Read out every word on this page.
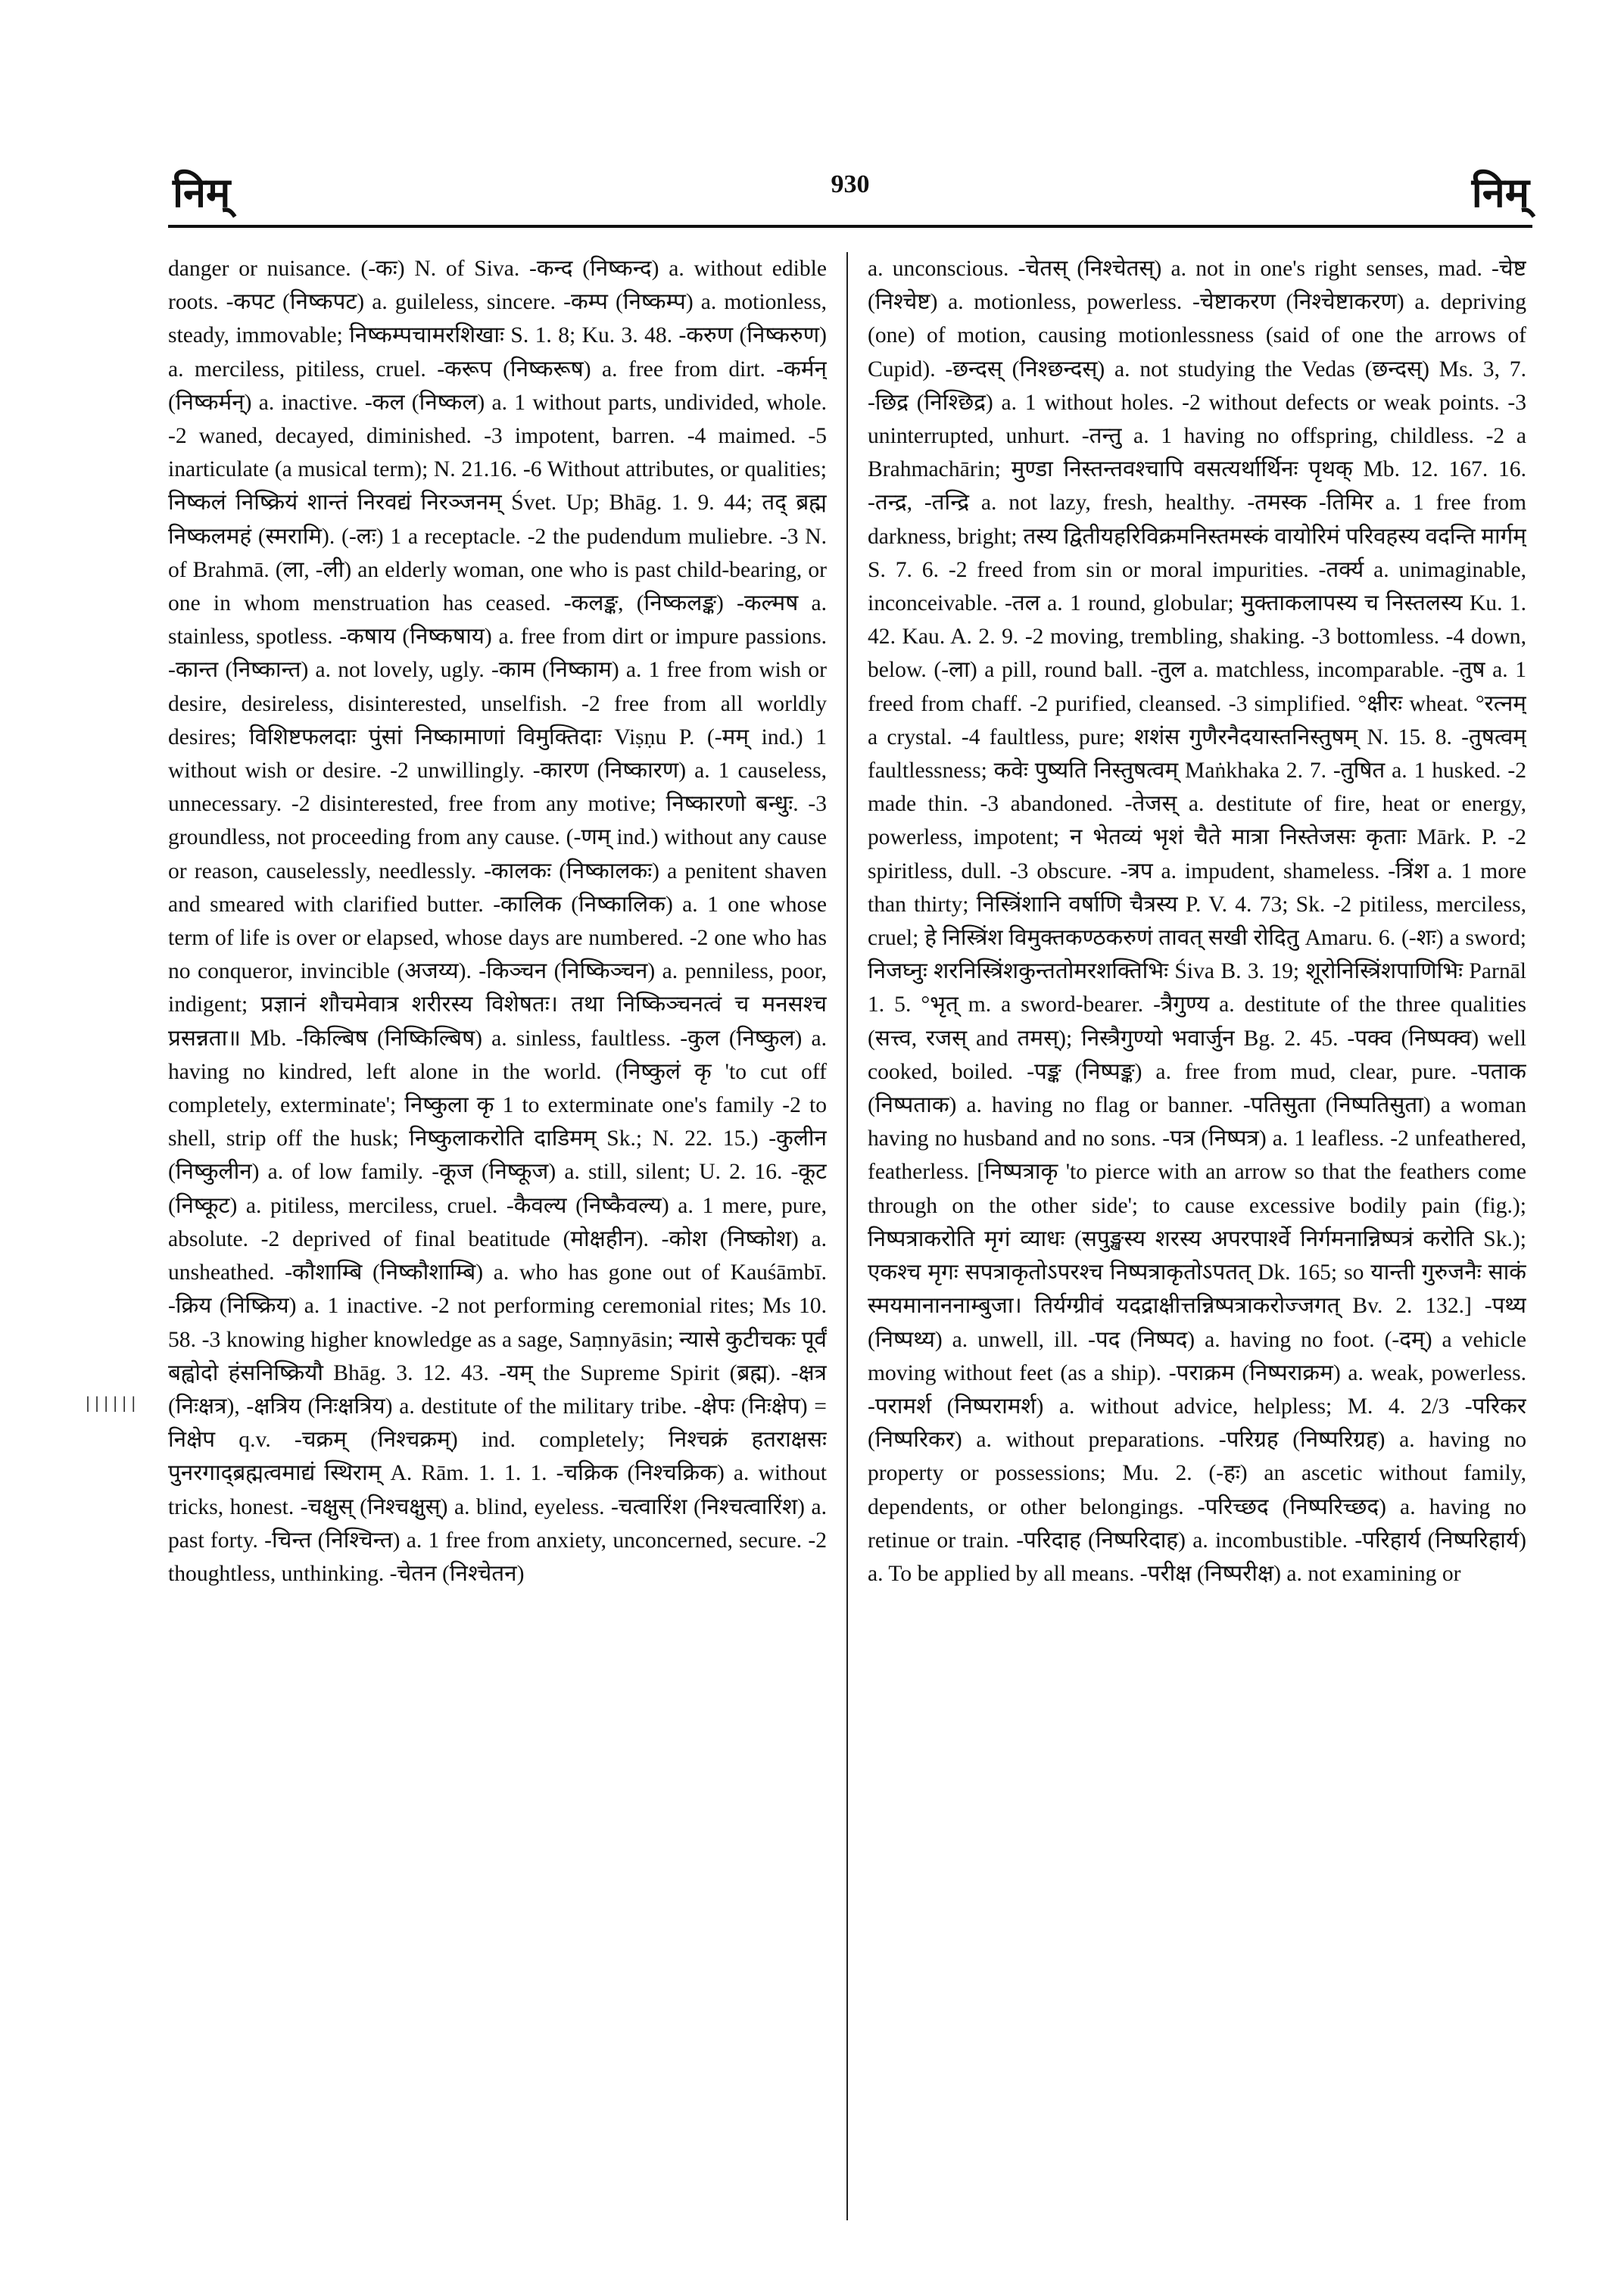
निम्	930	निम्

danger or nuisance. (-कः) N. of Siva. -कन्द (निष्कन्द) a. without edible roots. -कपट (निष्कपट) a. guileless, sincere. -कम्प (निष्कम्प) a. motionless, steady, immovable; निष्कम्पचामरशिखाः S. 1. 8; Ku. 3. 48. -करुण (निष्करुण) a. merciless, pitiless, cruel. -करूप (निष्करूष) a. free from dirt. -कर्मन् (निष्कर्मन्) a. inactive. -कल (निष्कल) a. 1 without parts, undivided, whole. -2 waned, decayed, diminished. -3 impotent, barren. -4 maimed. -5 inarticulate (a musical term); N. 21.16. -6 Without attributes, or qualities; निष्कलं निष्क्रियं शान्तं निरवद्यं निरञ्जनम् Śvet. Up; Bhāg. 1. 9. 44; तद् ब्रह्म निष्कलमहं (स्मरामि). (-लः) 1 a receptacle. -2 the pudendum muliebre. -3 N. of Brahmā. (ला, -ली) an elderly woman, one who is past child-bearing, or one in whom menstruation has ceased. -कलङ्क, (निष्कलङ्क) -कल्मष a. stainless, spotless. -कषाय (निष्कषाय) a. free from dirt or impure passions. -कान्त (निष्कान्त) a. not lovely, ugly. -काम (निष्काम) a. 1 free from wish or desire, desireless, disinterested, unselfish. -2 free from all worldly desires; विशिष्टफलदाः पुंसां निष्कामाणां विमुक्तिदाः Viṣṇu P. (-मम् ind.) 1 without wish or desire. -2 unwillingly. -कारण (निष्कारण) a. 1 causeless, unnecessary. -2 disinterested, free from any motive; निष्कारणो बन्धुः. -3 groundless, not proceeding from any cause. (-णम् ind.) without any cause or reason, causelessly, needlessly. -कालकः (निष्कालकः) a penitent shaven and smeared with clarified butter. -कालिक (निष्कालिक) a. 1 one whose term of life is over or elapsed, whose days are numbered. -2 one who has no conqueror, invincible (अजय्य). -किञ्चन (निष्किञ्चन) a. penniless, poor, indigent; प्रज्ञानं शौचमेवात्र शरीरस्य विशेषतः। तथा निष्किञ्चनत्वं च मनसश्च प्रसन्नता॥ Mb. -किल्बिष (निष्किल्बिष) a. sinless, faultless. -कुल (निष्कुल) a. having no kindred, left alone in the world. (निष्कुलं कृ 'to cut off completely, exterminate'; निष्कुला कृ 1 to exterminate one's family -2 to shell, strip off the husk; निष्कुलाकरोति दाडिमम् Sk.; N. 22. 15.) -कुलीन (निष्कुलीन) a. of low family. -कूज (निष्कूज) a. still, silent; U. 2. 16. -कूट (निष्कूट) a. pitiless, merciless, cruel. -कैवल्य (निष्कैवल्य) a. 1 mere, pure, absolute. -2 deprived of final beatitude (मोक्षहीन). -कोश (निष्कोश) a. unsheathed. -कौशाम्बि (निष्कौशाम्बि) a. who has gone out of Kauśāmbī. -क्रिय (निष्क्रिय) a. 1 inactive. -2 not performing ceremonial rites; Ms 10. 58. -3 knowing higher knowledge as a sage, Saṃnyāsin; न्यासे कुटीचकः पूर्वं बह्वोदो हंसनिष्क्रियौ Bhāg. 3. 12. 43. -यम् the Supreme Spirit (ब्रह्म). -क्षत्र (निःक्षत्र), -क्षत्रिय (निःक्षत्रिय) a. destitute of the military tribe. -क्षेपः (निःक्षेप) = निक्षेप q.v. -चक्रम् (निश्चक्रम्) ind. completely; निश्चक्रं हतराक्षसः पुनरगाद्ब्रह्मत्वमाद्यं स्थिराम् A. Rām. 1. 1. 1. -चक्रिक (निश्चक्रिक) a. without tricks, honest. -चक्षुस् (निश्चक्षुस्) a. blind, eyeless. -चत्वारिंश (निश्चत्वारिंश) a. past forty. -चिन्त (निश्चिन्त) a. 1 free from anxiety, unconcerned, secure. -2 thoughtless, unthinking. -चेतन (निश्चेतन)

a. unconscious. -चेतस् (निश्चेतस्) a. not in one's right senses, mad. -चेष्ट (निश्चेष्ट) a. motionless, powerless. -चेष्टाकरण (निश्चेष्टाकरण) a. depriving (one) of motion, causing motionlessness (said of one the arrows of Cupid). -छन्दस् (निश्छन्दस्) a. not studying the Vedas (छन्दस्) Ms. 3, 7. -छिद्र (निश्छिद्र) a. 1 without holes. -2 without defects or weak points. -3 uninterrupted, unhurt. -तन्तु a. 1 having no offspring, childless. -2 a Brahmachārin; मुण्डा निस्तन्तवश्चापि वसत्यर्थार्थिनः पृथक् Mb. 12. 167. 16. -तन्द्र, -तन्द्रि a. not lazy, fresh, healthy. -तमस्क -तिमिर a. 1 free from darkness, bright; तस्य द्वितीयहरिविक्रमनिस्तमस्कं वायोरिमं परिवहस्य वदन्ति मार्गम् S. 7. 6. -2 freed from sin or moral impurities. -तर्क्य a. unimaginable, inconceivable. -तल a. 1 round, globular; मुक्ताकलापस्य च निस्तलस्य Ku. 1. 42. Kau. A. 2. 9. -2 moving, trembling, shaking. -3 bottomless. -4 down, below. (-ला) a pill, round ball. -तुल a. matchless, incomparable. -तुष a. 1 freed from chaff. -2 purified, cleansed. -3 simplified. °क्षीरः wheat. °रत्नम् a crystal. -4 faultless, pure; शशंस गुणैरनैदयास्तनिस्तुषम् N. 15. 8. -तुषत्वम् faultlessness; कवेः पुष्यति निस्तुषत्वम् Maṅkhaka 2. 7. -तुषित a. 1 husked. -2 made thin. -3 abandoned. -तेजस् a. destitute of fire, heat or energy, powerless, impotent; न भेतव्यं भृशं चैते मात्रा निस्तेजसः कृताः Mārk. P. -2 spiritless, dull. -3 obscure. -त्रप a. impudent, shameless. -त्रिंश a. 1 more than thirty; निस्त्रिंशानि वर्षाणि चैत्रस्य P. V. 4. 73; Sk. -2 pitiless, merciless, cruel; हे निस्त्रिंश विमुक्तकण्ठकरुणं तावत् सखी रोदितु Amaru. 6. (-शः) a sword; निजघ्नुः शरनिस्त्रिंशकुन्ततोमरशक्तिभिः Śiva B. 3. 19; शूरोनिस्त्रिंशपाणिभिः Parnāl 1. 5. °भृत् m. a sword-bearer. -त्रैगुण्य a. destitute of the three qualities (सत्त्व, रजस् and तमस्); निस्त्रैगुण्यो भवार्जुन Bg. 2. 45. -पक्व (निष्पक्व) well cooked, boiled. -पङ्क (निष्पङ्क) a. free from mud, clear, pure. -पताक (निष्पताक) a. having no flag or banner. -पतिसुता (निष्पतिसुता) a woman having no husband and no sons. -पत्र (निष्पत्र) a. 1 leafless. -2 unfeathered, featherless. [निष्पत्राकृ 'to pierce with an arrow so that the feathers come through on the other side'; to cause excessive bodily pain (fig.); निष्पत्राकरोति मृगं व्याधः (सपुङ्खस्य शरस्य अपरपार्श्वे निर्गमनान्निष्पत्रं करोति Sk.); एकश्च मृगः सपत्राकृतोऽपरश्च निष्पत्राकृतोऽपतत् Dk. 165; so यान्ती गुरुजनैः साकं स्मयमानाननाम्बुजा। तिर्यग्ग्रीवं यदद्राक्षीत्तन्निष्पत्राकरोज्जगत् Bv. 2. 132.] -पथ्य (निष्पथ्य) a. unwell, ill. -पद (निष्पद) a. having no foot. (-दम्) a vehicle moving without feet (as a ship). -पराक्रम (निष्पराक्रम) a. weak, powerless. -परामर्श (निष्परामर्श) a. without advice, helpless; M. 4. 2/3 -परिकर (निष्परिकर) a. without preparations. -परिग्रह (निष्परिग्रह) a. having no property or possessions; Mu. 2. (-हः) an ascetic without family, dependents, or other belongings. -परिच्छद (निष्परिच्छद) a. having no retinue or train. -परिदाह (निष्परिदाह) a. incombustible. -परिहार्य (निष्परिहार्य) a. To be applied by all means. -परीक्ष (निष्परीक्ष) a. not examining or

||||||
